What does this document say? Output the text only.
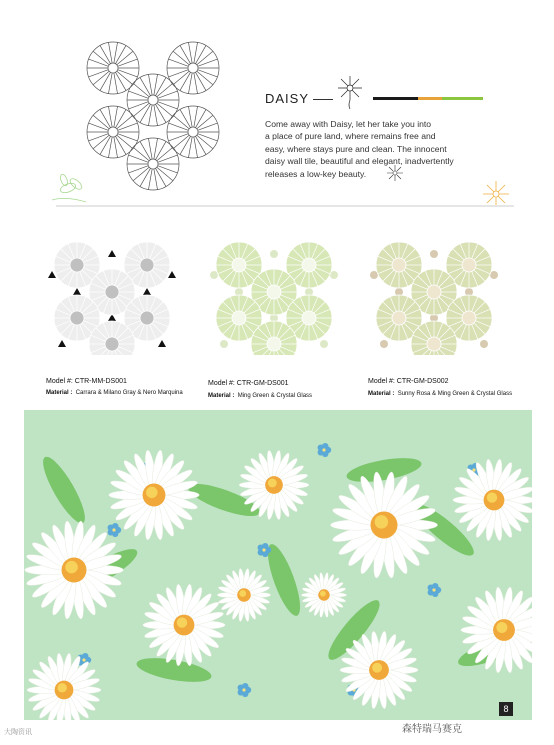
DAISY
Come away with Daisy, let her take you into
a place of pure land, where remains free and
easy, where stays pure and clean. The innocent
daisy wall tile, beautiful and elegant, inadvertently
releases a low-key beauty.
Model #: CTR-MM-DS001
Material : Carrara & Milano Gray & Nero Marquina
Model #: CTR-GM-DS001
Material : Ming Green & Crystal Glass
Model #: CTR-GM-DS002
Material : Sunny Rosa & Ming Green & Crystal Glass
8
大陶资讯	森特瑞马赛克
